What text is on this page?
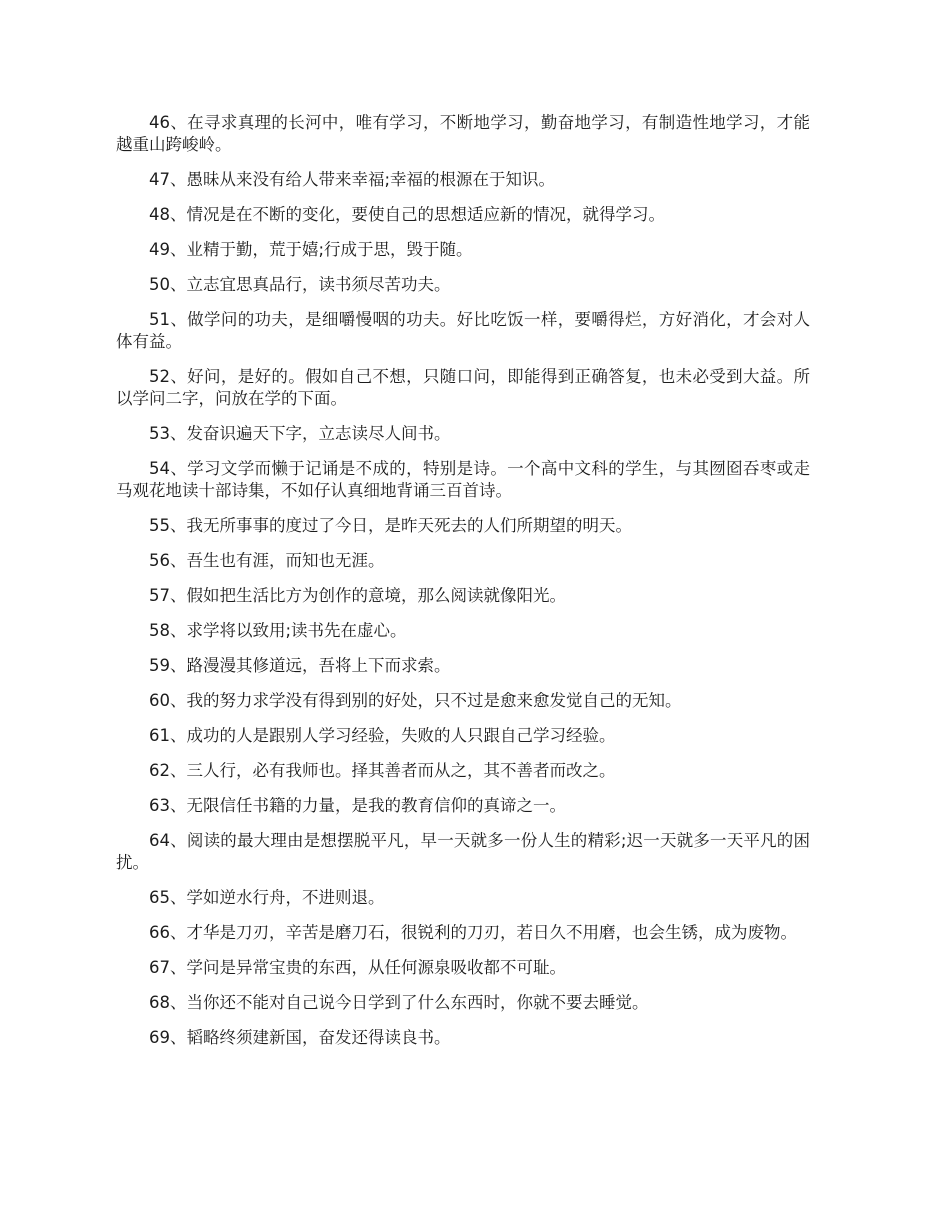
46、在寻求真理的长河中，唯有学习，不断地学习，勤奋地学习，有制造性地学习，才能越重山跨峻岭。

47、愚昧从来没有给人带来幸福;幸福的根源在于知识。

48、情况是在不断的变化，要使自己的思想适应新的情况，就得学习。

49、业精于勤，荒于嬉;行成于思，毁于随。

50、立志宜思真品行，读书须尽苦功夫。

51、做学问的功夫，是细嚼慢咽的功夫。好比吃饭一样，要嚼得烂，方好消化，才会对人体有益。

52、好问，是好的。假如自己不想，只随口问，即能得到正确答复，也未必受到大益。所以学问二字，问放在学的下面。

53、发奋识遍天下字，立志读尽人间书。

54、学习文学而懒于记诵是不成的，特别是诗。一个高中文科的学生，与其囫囵吞枣或走马观花地读十部诗集，不如仔认真细地背诵三百首诗。

55、我无所事事的度过了今日，是昨天死去的人们所期望的明天。

56、吾生也有涯，而知也无涯。

57、假如把生活比方为创作的意境，那么阅读就像阳光。

58、求学将以致用;读书先在虚心。

59、路漫漫其修道远，吾将上下而求索。

60、我的努力求学没有得到别的好处，只不过是愈来愈发觉自己的无知。

61、成功的人是跟别人学习经验，失败的人只跟自己学习经验。

62、三人行，必有我师也。择其善者而从之，其不善者而改之。

63、无限信任书籍的力量，是我的教育信仰的真谛之一。

64、阅读的最大理由是想摆脱平凡，早一天就多一份人生的精彩;迟一天就多一天平凡的困扰。

65、学如逆水行舟，不进则退。

66、才华是刀刃，辛苦是磨刀石，很锐利的刀刃，若日久不用磨，也会生锈，成为废物。

67、学问是异常宝贵的东西，从任何源泉吸收都不可耻。

68、当你还不能对自己说今日学到了什么东西时，你就不要去睡觉。

69、韬略终须建新国，奋发还得读良书。
